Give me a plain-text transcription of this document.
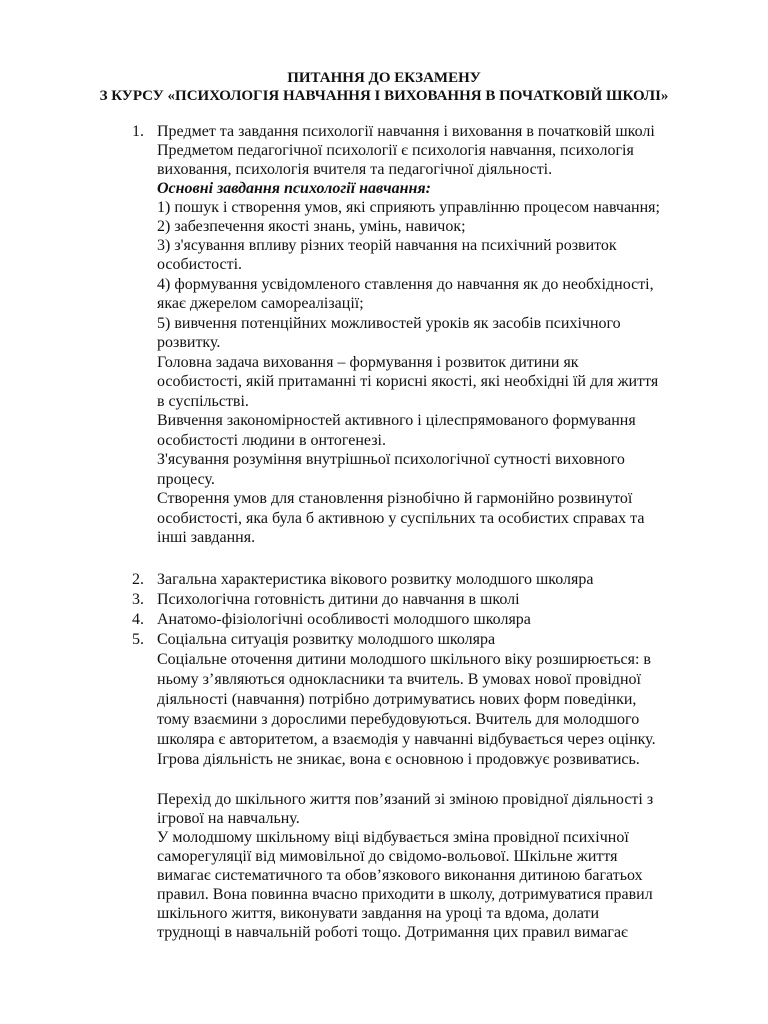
ПИТАННЯ ДО ЕКЗАМЕНУ
З КУРСУ «ПСИХОЛОГІЯ НАВЧАННЯ І ВИХОВАННЯ В ПОЧАТКОВІЙ ШКОЛІ»
1. Предмет та завдання психології навчання і виховання в початковій школі
Предметом педагогічної психології є психологія навчання, психологія
виховання, психологія вчителя та педагогічної діяльності.
Основні завдання психології навчання:
1) пошук і створення умов, які сприяють управлінню процесом навчання;
2) забезпечення якості знань, умінь, навичок;
3) з'ясування впливу різних теорій навчання на психічний розвиток
особистості.
4) формування усвідомленого ставлення до навчання як до необхідності,
якає джерелом самореалізації;
5) вивчення потенційних можливостей уроків як засобів психічного
розвитку.
Головна задача виховання – формування і розвиток дитини як
особистості, якій притаманні ті корисні якості, які необхідні їй для життя
в суспільстві.
Вивчення закономірностей активного і цілеспрямованого формування
особистості людини в онтогенезі.
З'ясування розуміння внутрішньої психологічної сутності виховного
процесу.
Створення умов для становлення різнобічно й гармонійно розвинутої
особистості, яка була б активною у суспільних та особистих справах та
інші завдання.
2. Загальна характеристика вікового розвитку молодшого школяра
3. Психологічна готовність дитини до навчання в школі
4. Анатомо-фізіологічні особливості молодшого школяра
5. Соціальна ситуація розвитку молодшого школяра
Соціальне оточення дитини молодшого шкільного віку розширюється: в
ньому з’являються однокласники та вчитель. В умовах нової провідної
діяльності (навчання) потрібно дотримуватись нових форм поведінки,
тому взаємини з дорослими перебудовуються. Вчитель для молодшого
школяра є авторитетом, а взаємодія у навчанні відбувається через оцінку.
Ігрова діяльність не зникає, вона є основною і продовжує розвиватись.
Перехід до шкільного життя пов’язаний зі зміною провідної діяльності з
ігрової на навчальну.
У молодшому шкільному віці відбувається зміна провідної психічної
саморегуляції від мимовільної до свідомо-вольової. Шкільне життя
вимагає систематичного та обов’язкового виконання дитиною багатьох
правил. Вона повинна вчасно приходити в школу, дотримуватися правил
шкільного життя, виконувати завдання на уроці та вдома, долати
труднощі в навчальній роботі тощо. Дотримання цих правил вимагає
